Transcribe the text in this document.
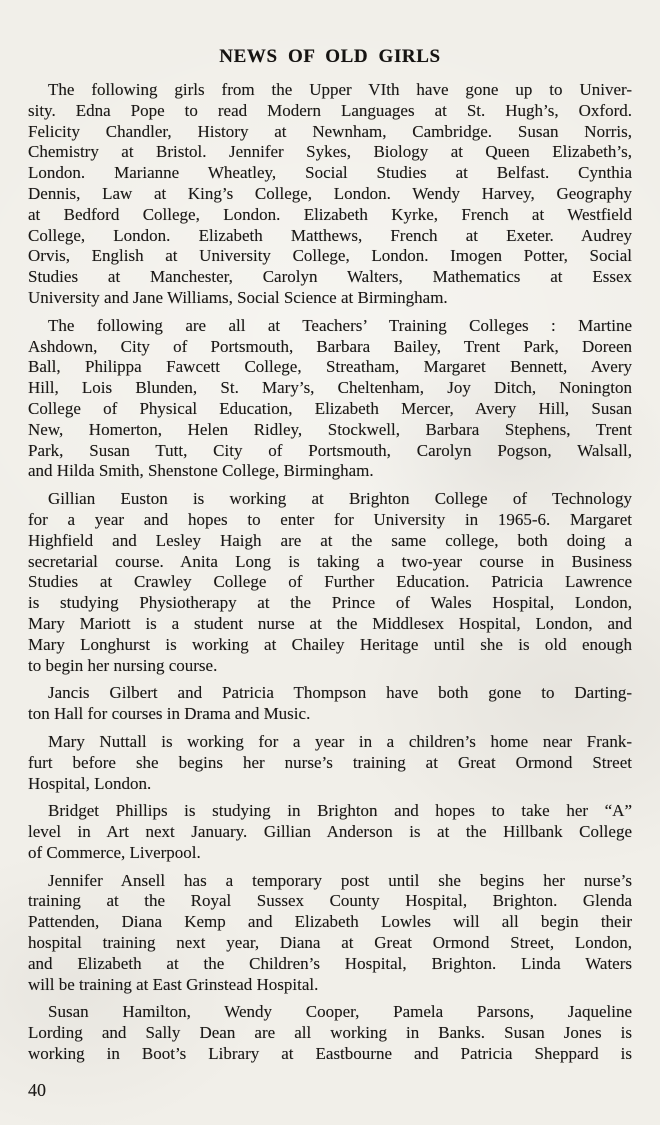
NEWS OF OLD GIRLS
The following girls from the Upper VIth have gone up to Univer-
sity. Edna Pope to read Modern Languages at St. Hugh’s, Oxford.
Felicity Chandler, History at Newnham, Cambridge. Susan Norris,
Chemistry at Bristol. Jennifer Sykes, Biology at Queen Elizabeth’s,
London. Marianne Wheatley, Social Studies at Belfast. Cynthia
Dennis, Law at King’s College, London. Wendy Harvey, Geography
at Bedford College, London. Elizabeth Kyrke, French at Westfield
College, London. Elizabeth Matthews, French at Exeter. Audrey
Orvis, English at University College, London. Imogen Potter, Social
Studies at Manchester, Carolyn Walters, Mathematics at Essex
University and Jane Williams, Social Science at Birmingham.
The following are all at Teachers’ Training Colleges : Martine
Ashdown, City of Portsmouth, Barbara Bailey, Trent Park, Doreen
Ball, Philippa Fawcett College, Streatham, Margaret Bennett, Avery
Hill, Lois Blunden, St. Mary’s, Cheltenham, Joy Ditch, Nonington
College of Physical Education, Elizabeth Mercer, Avery Hill, Susan
New, Homerton, Helen Ridley, Stockwell, Barbara Stephens, Trent
Park, Susan Tutt, City of Portsmouth, Carolyn Pogson, Walsall,
and Hilda Smith, Shenstone College, Birmingham.
Gillian Euston is working at Brighton College of Technology
for a year and hopes to enter for University in 1965-6. Margaret
Highfield and Lesley Haigh are at the same college, both doing a
secretarial course. Anita Long is taking a two-year course in Business
Studies at Crawley College of Further Education. Patricia Lawrence
is studying Physiotherapy at the Prince of Wales Hospital, London,
Mary Mariott is a student nurse at the Middlesex Hospital, London, and
Mary Longhurst is working at Chailey Heritage until she is old enough
to begin her nursing course.
Jancis Gilbert and Patricia Thompson have both gone to Darting-
ton Hall for courses in Drama and Music.
Mary Nuttall is working for a year in a children’s home near Frank-
furt before she begins her nurse’s training at Great Ormond Street
Hospital, London.
Bridget Phillips is studying in Brighton and hopes to take her “A”
level in Art next January. Gillian Anderson is at the Hillbank College
of Commerce, Liverpool.
Jennifer Ansell has a temporary post until she begins her nurse’s
training at the Royal Sussex County Hospital, Brighton. Glenda
Pattenden, Diana Kemp and Elizabeth Lowles will all begin their
hospital training next year, Diana at Great Ormond Street, London,
and Elizabeth at the Children’s Hospital, Brighton. Linda Waters
will be training at East Grinstead Hospital.
Susan Hamilton, Wendy Cooper, Pamela Parsons, Jaqueline
Lording and Sally Dean are all working in Banks. Susan Jones is
working in Boot’s Library at Eastbourne and Patricia Sheppard is
40
